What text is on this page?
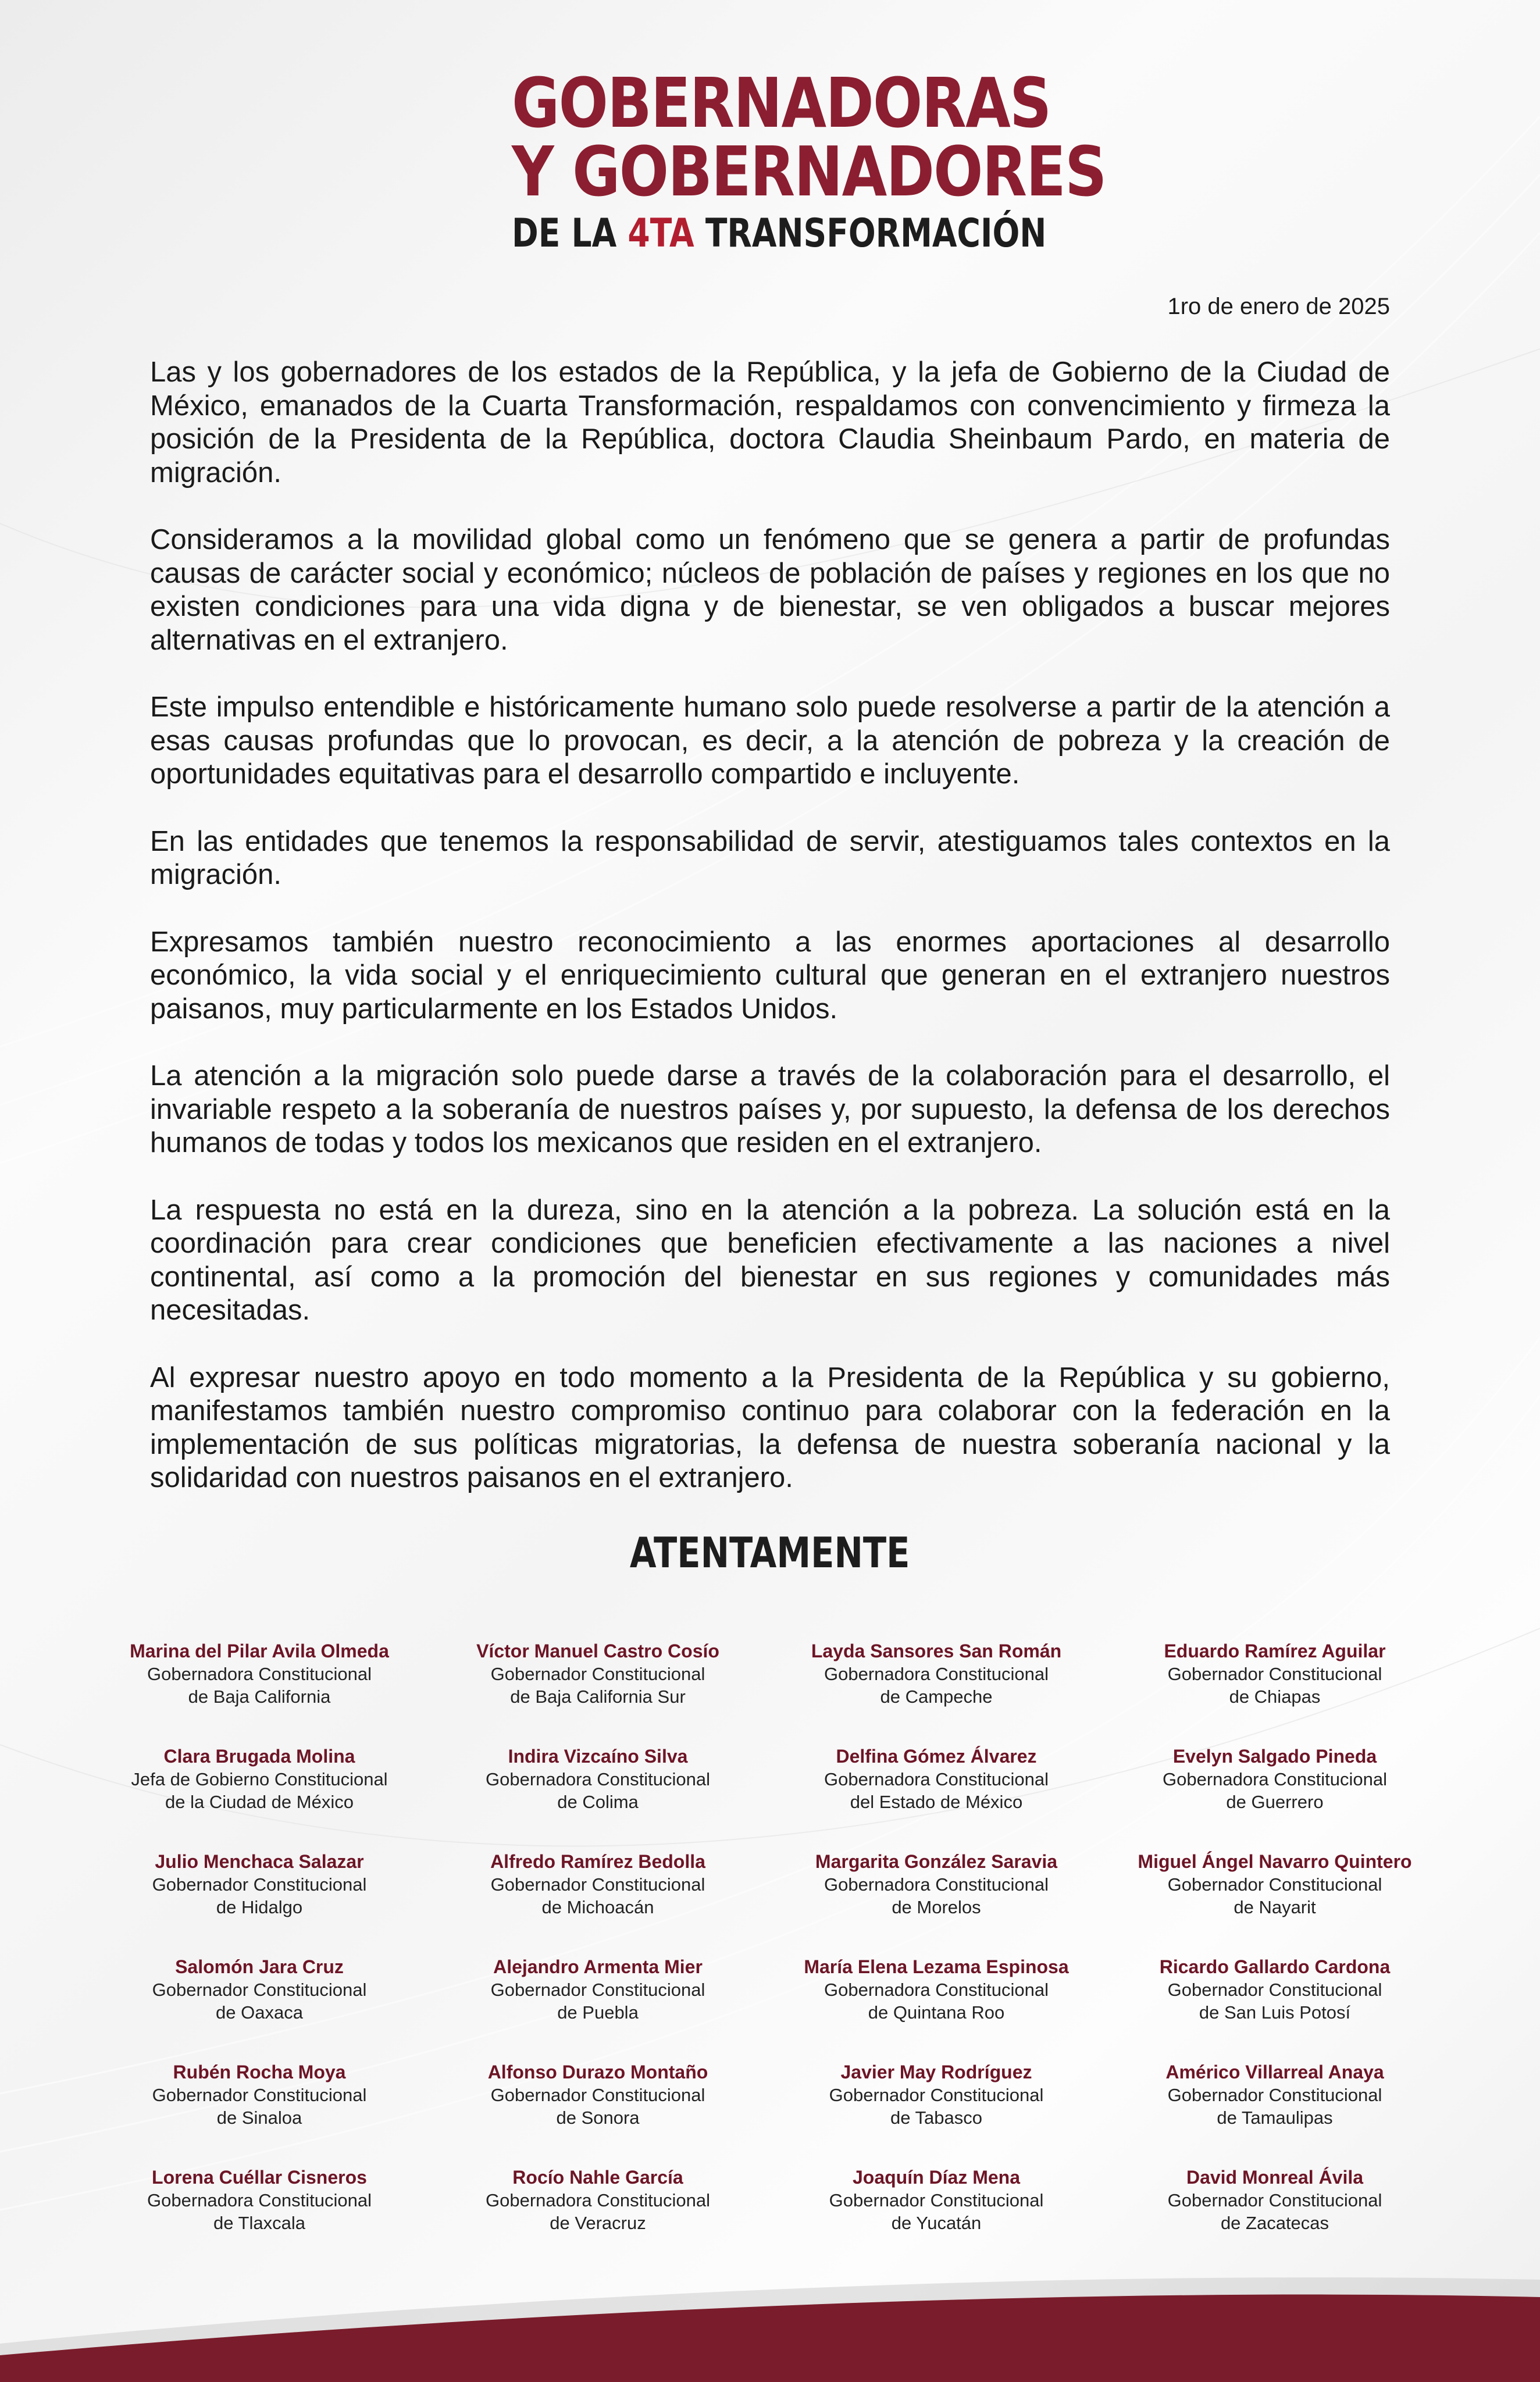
GOBERNADORAS
Y GOBERNADORES
DE LA 4TA TRANSFORMACIÓN
1ro de enero de 2025

Las y los gobernadores de los estados de la República, y la jefa de Gobierno de la Ciudad de México, emanados de la Cuarta Transformación, respaldamos con convencimiento y firmeza la posición de la Presidenta de la República, doctora Claudia Sheinbaum Pardo, en materia de migración.

Consideramos a la movilidad global como un fenómeno que se genera a partir de profundas causas de carácter social y económico; núcleos de población de países y regiones en los que no existen condiciones para una vida digna y de bienestar, se ven obligados a buscar mejores alternativas en el extranjero.

Este impulso entendible e históricamente humano solo puede resolverse a partir de la atención a esas causas profundas que lo provocan, es decir, a la atención de pobreza y la creación de oportunidades equitativas para el desarrollo compartido e incluyente.

En las entidades que tenemos la responsabilidad de servir, atestiguamos tales contextos en la migración.

Expresamos también nuestro reconocimiento a las enormes aportaciones al desarrollo económico, la vida social y el enriquecimiento cultural que generan en el extranjero nuestros paisanos, muy particularmente en los Estados Unidos.

La atención a la migración solo puede darse a través de la colaboración para el desarrollo, el invariable respeto a la soberanía de nuestros países y, por supuesto, la defensa de los derechos humanos de todas y todos los mexicanos que residen en el extranjero.

La respuesta no está en la dureza, sino en la atención a la pobreza. La solución está en la coordinación para crear condiciones que beneficien efectivamente a las naciones a nivel continental, así como a la promoción del bienestar en sus regiones y comunidades más necesitadas.

Al expresar nuestro apoyo en todo momento a la Presidenta de la República y su gobierno, manifestamos también nuestro compromiso continuo para colaborar con la federación en la implementación de sus políticas migratorias, la defensa de nuestra soberanía nacional y la solidaridad con nuestros paisanos en el extranjero.

ATENTAMENTE
Marina del Pilar Avila Olmeda
Gobernadora Constitucional
de Baja California
Víctor Manuel Castro Cosío
Gobernador Constitucional
de Baja California Sur
Layda Sansores San Román
Gobernadora Constitucional
de Campeche
Eduardo Ramírez Aguilar
Gobernador Constitucional
de Chiapas
Clara Brugada Molina
Jefa de Gobierno Constitucional
de la Ciudad de México
Indira Vizcaíno Silva
Gobernadora Constitucional
de Colima
Delfina Gómez Álvarez
Gobernadora Constitucional
del Estado de México
Evelyn Salgado Pineda
Gobernadora Constitucional
de Guerrero
Julio Menchaca Salazar
Gobernador Constitucional
de Hidalgo
Alfredo Ramírez Bedolla
Gobernador Constitucional
de Michoacán
Margarita González Saravia
Gobernadora Constitucional
de Morelos
Miguel Ángel Navarro Quintero
Gobernador Constitucional
de Nayarit
Salomón Jara Cruz
Gobernador Constitucional
de Oaxaca
Alejandro Armenta Mier
Gobernador Constitucional
de Puebla
María Elena Lezama Espinosa
Gobernadora Constitucional
de Quintana Roo
Ricardo Gallardo Cardona
Gobernador Constitucional
de San Luis Potosí
Rubén Rocha Moya
Gobernador Constitucional
de Sinaloa
Alfonso Durazo Montaño
Gobernador Constitucional
de Sonora
Javier May Rodríguez
Gobernador Constitucional
de Tabasco
Américo Villarreal Anaya
Gobernador Constitucional
de Tamaulipas
Lorena Cuéllar Cisneros
Gobernadora Constitucional
de Tlaxcala
Rocío Nahle García
Gobernadora Constitucional
de Veracruz
Joaquín Díaz Mena
Gobernador Constitucional
de Yucatán
David Monreal Ávila
Gobernador Constitucional
de Zacatecas
